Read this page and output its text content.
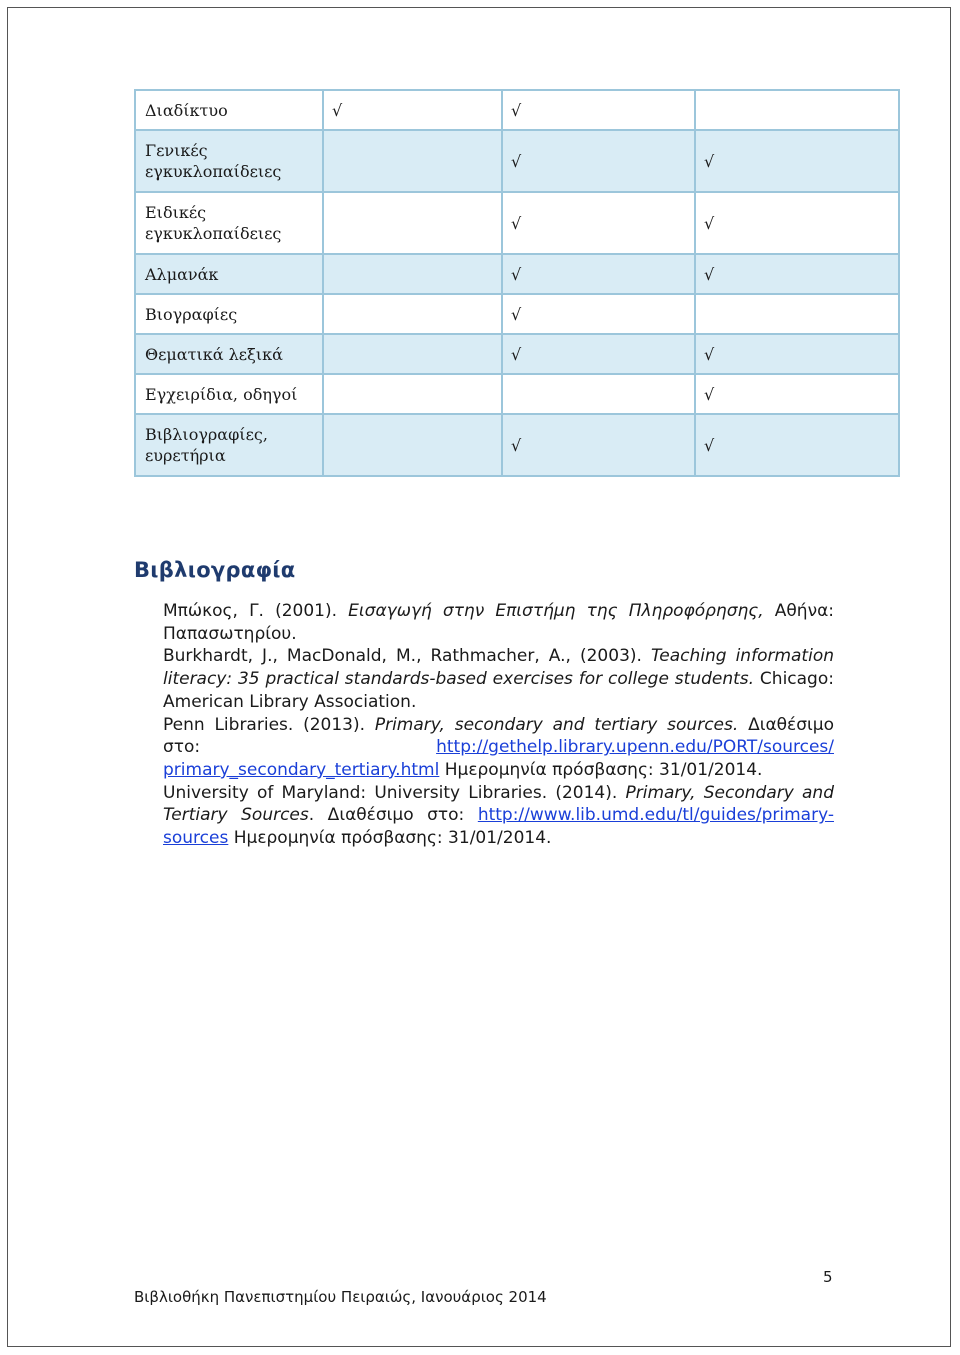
Διαδίκτυο	√	√	
Γενικές εγκυκλοπαίδειες		√	√
Ειδικές εγκυκλοπαίδειες		√	√
Αλμανάκ		√	√
Βιογραφίες		√	
Θεματικά λεξικά		√	√
Εγχειρίδια, οδηγοί			√
Βιβλιογραφίες, ευρετήρια		√	√
Βιβλιογραφία
Μπώκος, Γ. (2001). Εισαγωγή στην Επιστήμη της Πληροφόρησης, Αθήνα: Παπασωτηρίου.
Burkhardt, J., MacDonald, M., Rathmacher, A., (2003). Teaching information literacy: 35 practical standards-based exercises for college students. Chicago: American Library Association.
Penn Libraries. (2013). Primary, secondary and tertiary sources. Διαθέσιμο στο: http://gethelp.library.upenn.edu/PORT/sources/ primary_secondary_tertiary.html Ημερομηνία πρόσβασης: 31/01/2014.
University of Maryland: University Libraries. (2014). Primary, Secondary and Tertiary Sources. Διαθέσιμο στο: http://www.lib.umd.edu/tl/guides/primary-sources Ημερομηνία πρόσβασης: 31/01/2014.
5
Βιβλιοθήκη Πανεπιστημίου Πειραιώς, Ιανουάριος 2014
